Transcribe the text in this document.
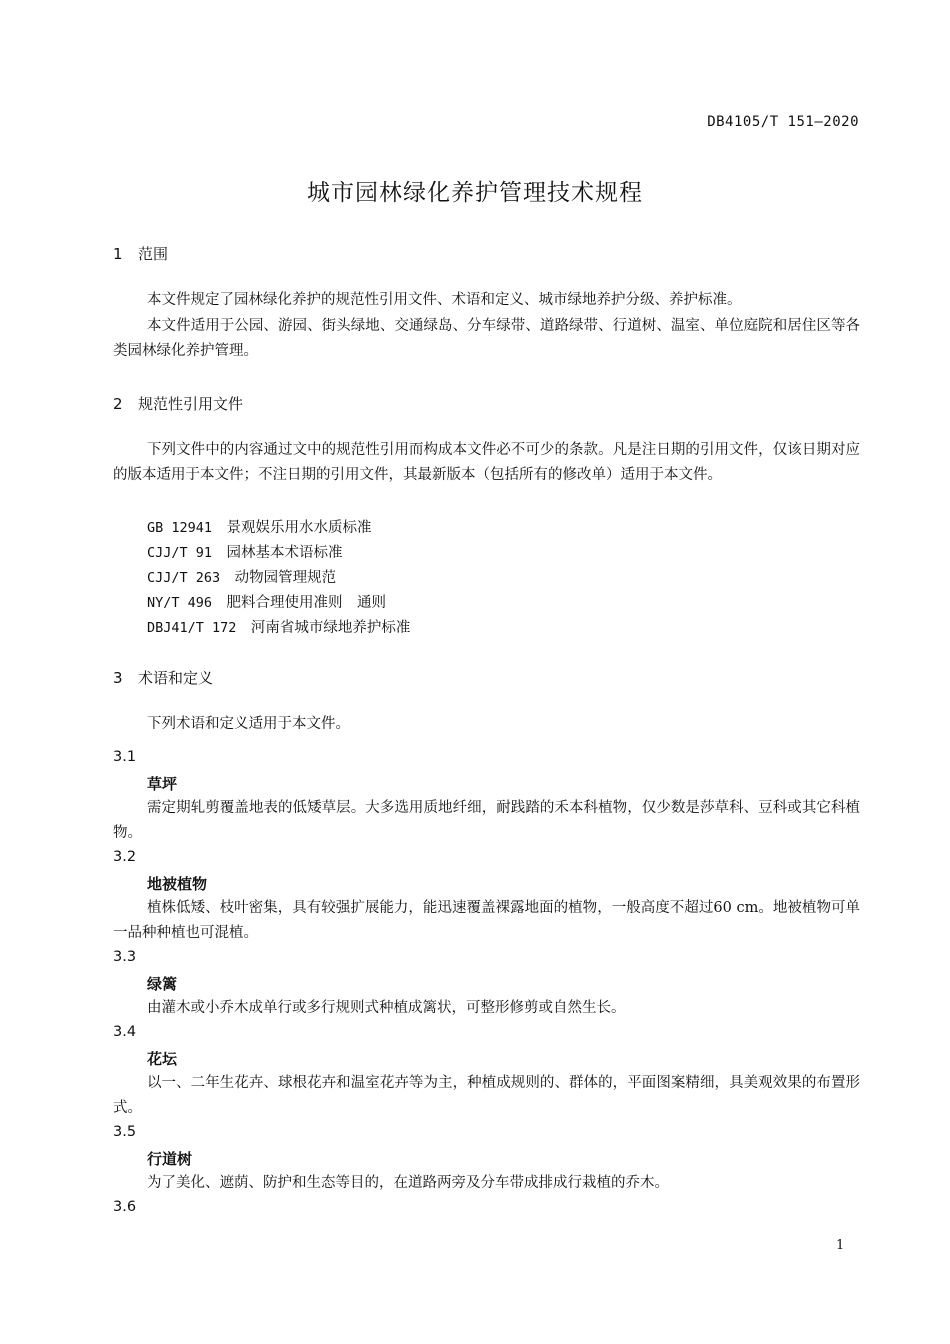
DB4105/T 151—2020
城市园林绿化养护管理技术规程
1 范围
本文件规定了园林绿化养护的规范性引用文件、术语和定义、城市绿地养护分级、养护标准。
本文件适用于公园、游园、街头绿地、交通绿岛、分车绿带、道路绿带、行道树、温室、单位庭院和居住区等各类园林绿化养护管理。
2 规范性引用文件
下列文件中的内容通过文中的规范性引用而构成本文件必不可少的条款。凡是注日期的引用文件，仅该日期对应的版本适用于本文件；不注日期的引用文件，其最新版本（包括所有的修改单）适用于本文件。
GB 12941　 景观娱乐用水水质标准
CJJ/T 91　 园林基本术语标准
CJJ/T 263　 动物园管理规范
NY/T 496　 肥料合理使用准则　通则
DBJ41/T 172　 河南省城市绿地养护标准
3 术语和定义
下列术语和定义适用于本文件。
3.1
草坪
需定期轧剪覆盖地表的低矮草层。大多选用质地纤细，耐践踏的禾本科植物，仅少数是莎草科、豆科或其它科植物。
3.2
地被植物
植株低矮、枝叶密集，具有较强扩展能力，能迅速覆盖裸露地面的植物，一般高度不超过60 cm。地被植物可单一品种种植也可混植。
3.3
绿篱
由灌木或小乔木成单行或多行规则式种植成篱状，可整形修剪或自然生长。
3.4
花坛
以一、二年生花卉、球根花卉和温室花卉等为主，种植成规则的、群体的，平面图案精细，具美观效果的布置形式。
3.5
行道树
为了美化、遮荫、防护和生态等目的，在道路两旁及分车带成排成行栽植的乔木。
3.6
1
